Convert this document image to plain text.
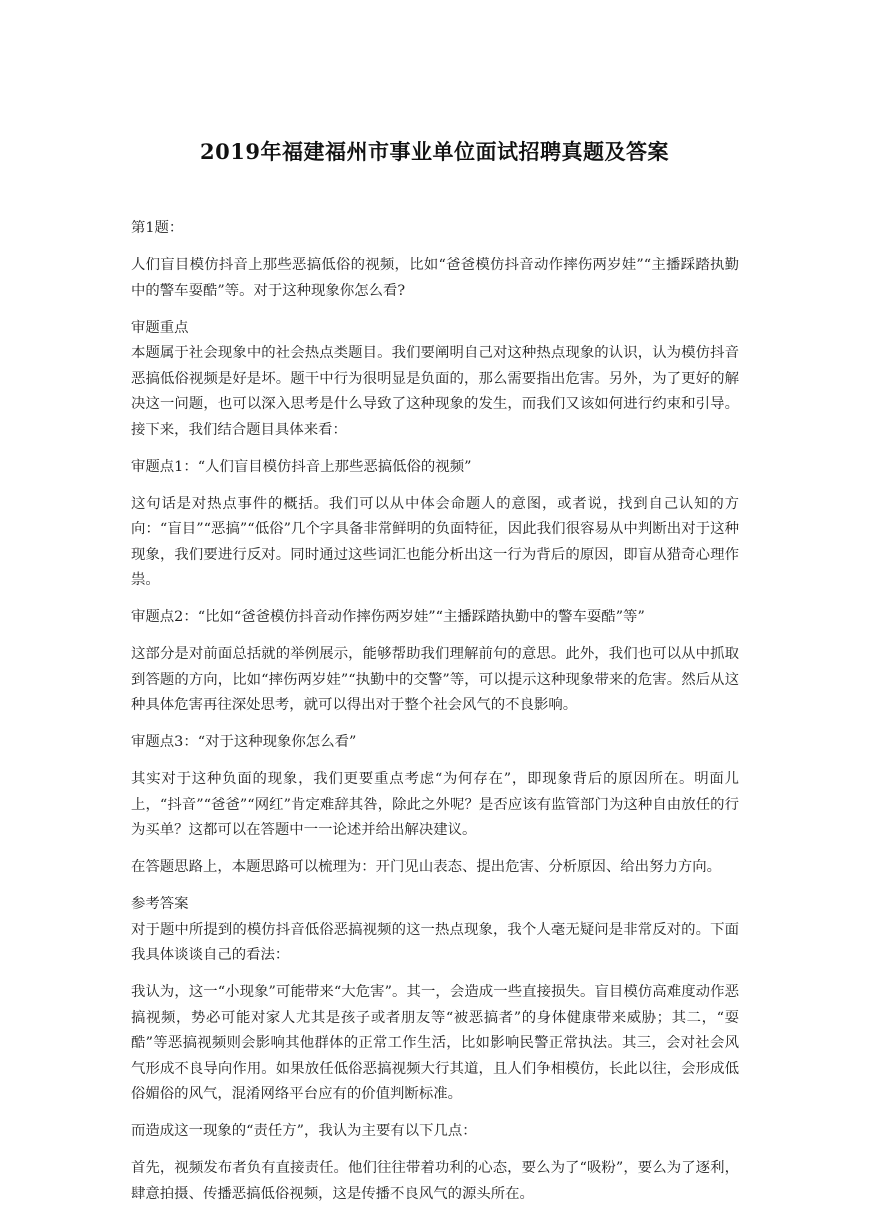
2019年福建福州市事业单位面试招聘真题及答案

第1题：

人们盲目模仿抖音上那些恶搞低俗的视频，比如“爸爸模仿抖音动作摔伤两岁娃”“主播踩踏执勤中的警车耍酷”等。对于这种现象你怎么看?

审题重点

本题属于社会现象中的社会热点类题目。我们要阐明自己对这种热点现象的认识，认为模仿抖音恶搞低俗视频是好是坏。题干中行为很明显是负面的，那么需要指出危害。另外，为了更好的解决这一问题，也可以深入思考是什么导致了这种现象的发生，而我们又该如何进行约束和引导。接下来，我们结合题目具体来看：

审题点1：“人们盲目模仿抖音上那些恶搞低俗的视频”

这句话是对热点事件的概括。我们可以从中体会命题人的意图，或者说，找到自己认知的方向：“盲目”“恶搞”“低俗”几个字具备非常鲜明的负面特征，因此我们很容易从中判断出对于这种现象，我们要进行反对。同时通过这些词汇也能分析出这一行为背后的原因，即盲从猎奇心理作祟。

审题点2：“比如“爸爸模仿抖音动作摔伤两岁娃”“主播踩踏执勤中的警车耍酷”等”

这部分是对前面总括就的举例展示，能够帮助我们理解前句的意思。此外，我们也可以从中抓取到答题的方向，比如“摔伤两岁娃”“执勤中的交警”等，可以提示这种现象带来的危害。然后从这种具体危害再往深处思考，就可以得出对于整个社会风气的不良影响。

审题点3：“对于这种现象你怎么看”

其实对于这种负面的现象，我们更要重点考虑“为何存在”，即现象背后的原因所在。明面儿上，“抖音”“爸爸”“网红”肯定难辞其咎，除此之外呢？是否应该有监管部门为这种自由放任的行为买单？这都可以在答题中一一论述并给出解决建议。

在答题思路上，本题思路可以梳理为：开门见山表态、提出危害、分析原因、给出努力方向。

参考答案

对于题中所提到的模仿抖音低俗恶搞视频的这一热点现象，我个人毫无疑问是非常反对的。下面我具体谈谈自己的看法：

我认为，这一“小现象”可能带来“大危害”。其一，会造成一些直接损失。盲目模仿高难度动作恶搞视频，势必可能对家人尤其是孩子或者朋友等“被恶搞者”的身体健康带来威胁；其二，“耍酷”等恶搞视频则会影响其他群体的正常工作生活，比如影响民警正常执法。其三，会对社会风气形成不良导向作用。如果放任低俗恶搞视频大行其道，且人们争相模仿，长此以往，会形成低俗媚俗的风气，混淆网络平台应有的价值判断标准。

而造成这一现象的“责任方”，我认为主要有以下几点：

首先，视频发布者负有直接责任。他们往往带着功利的心态，要么为了“吸粉”，要么为了逐利，肆意拍摄、传播恶搞低俗视频，这是传播不良风气的源头所在。
